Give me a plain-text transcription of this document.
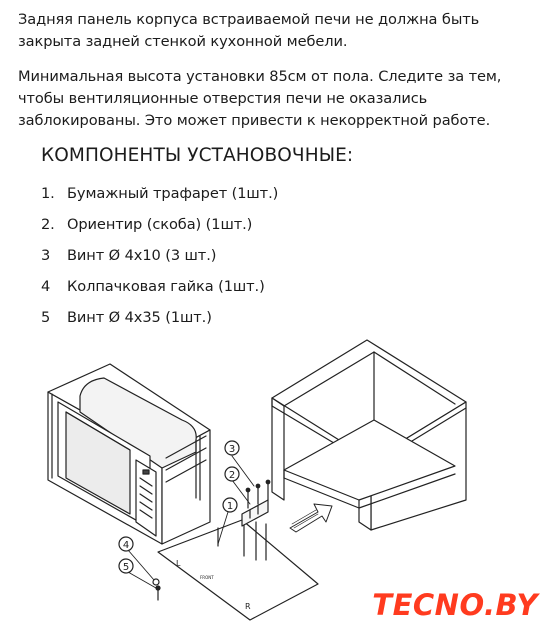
Задняя панель корпуса встраиваемой печи не должна быть закрыта задней стенкой кухонной мебели.

Минимальная высота установки 85см от пола. Следите за тем, чтобы вентиляционные отверстия печи не оказались заблокированы. Это может привести к некорректной работе.

КОМПОНЕНТЫ УСТАНОВОЧНЫЕ:
1. Бумажный трафарет (1шт.)
2. Ориентир (скоба) (1шт.)
3	Винт Ø 4х10 (3 шт.)
4	Колпачковая гайка (1шт.)
5	Винт Ø 4х35 (1шт.)
L
R
FRONT
3
2
1
4
5
TECNO.BY
